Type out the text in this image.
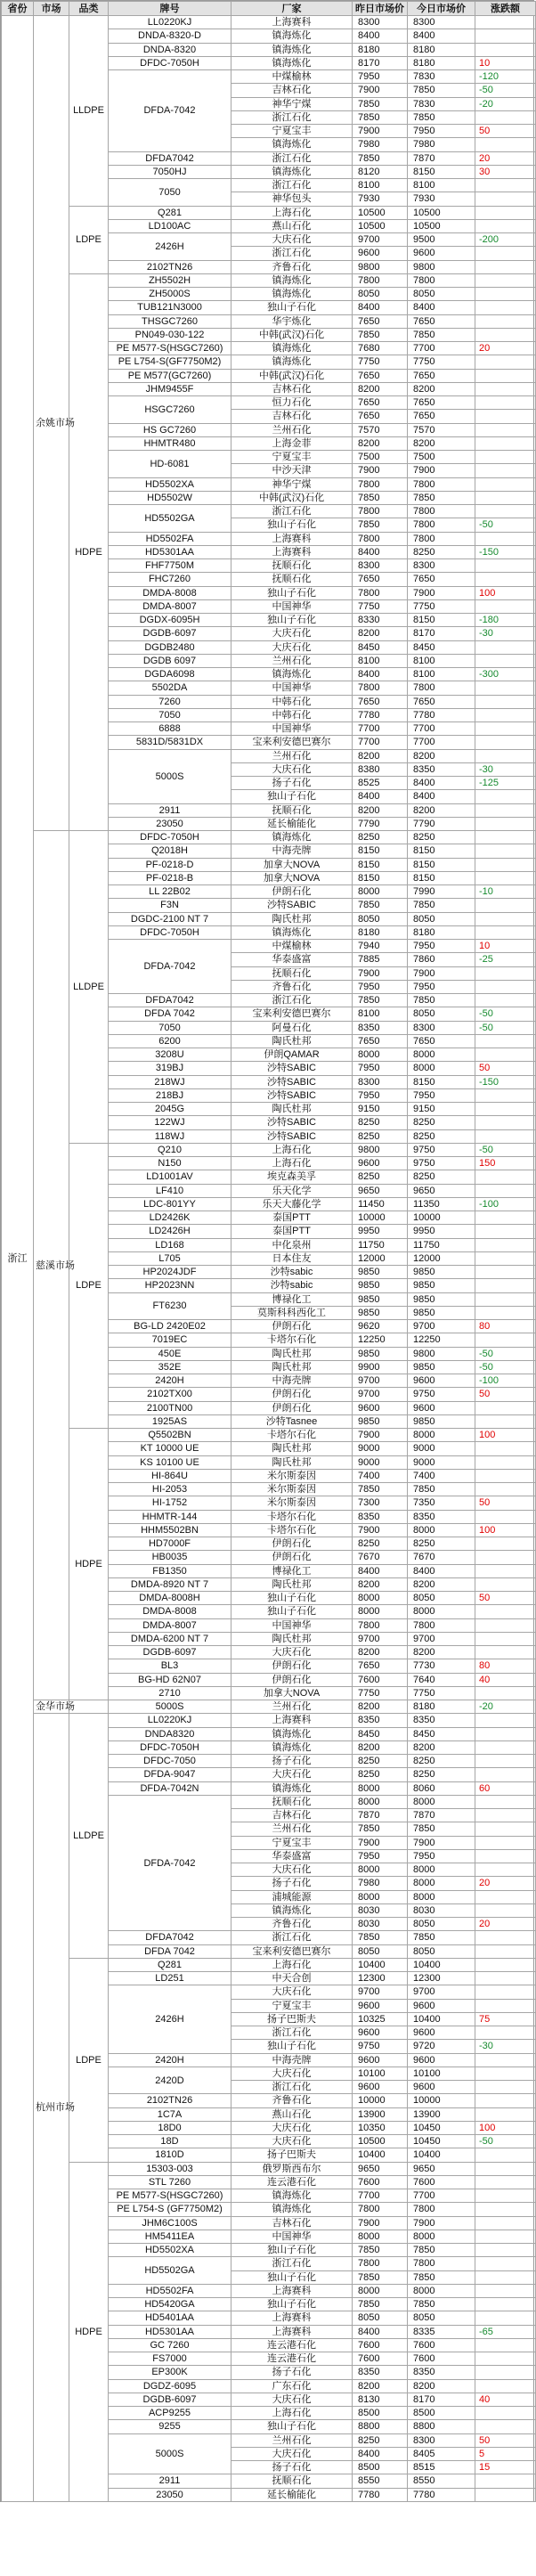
省份	市场	品类	牌号	厂家	昨日市场价	今日市场价	涨跌额
浙江	余姚市场	LLDPE	LL0220KJ	上海赛科	8300	8300	
			DNDA-8320-D	镇海炼化	8400	8400	
			DNDA-8320	镇海炼化	8180	8180	
			DFDC-7050H	镇海炼化	8170	8180	10
			DFDA-7042	中煤榆林	7950	7830	-120
				吉林石化	7900	7850	-50
				神华宁煤	7850	7830	-20
				浙江石化	7850	7850	
				宁夏宝丰	7900	7950	50
				镇海炼化	7980	7980	
			DFDA7042	浙江石化	7850	7870	20
			7050HJ	镇海炼化	8120	8150	30
			7050	浙江石化	8100	8100	
				神华包头	7930	7930	
		LDPE	Q281	上海石化	10500	10500	
			LD100AC	燕山石化	10500	10500	
			2426H	大庆石化	9700	9500	-200
				浙江石化	9600	9600	
			2102TN26	齐鲁石化	9800	9800	
		HDPE	ZH5502H	镇海炼化	7800	7800	
			ZH5000S	镇海炼化	8050	8050	
			TUB121N3000	独山子石化	8400	8400	
			THSGC7260	华宇炼化	7650	7650	
			PN049-030-122	中韩(武汉)石化	7850	7850	
			PE M577-S(HSGC7260)	镇海炼化	7680	7700	20
			PE L754-S(GF7750M2)	镇海炼化	7750	7750	
			PE M577(GC7260)	中韩(武汉)石化	7650	7650	
			JHM9455F	吉林石化	8200	8200	
			HSGC7260	恒力石化	7650	7650	
				吉林石化	7650	7650	
			HS GC7260	兰州石化	7570	7570	
			HHMTR480	上海金菲	8200	8200	
			HD-6081	宁夏宝丰	7500	7500	
				中沙天津	7900	7900	
			HD5502XA	神华宁煤	7800	7800	
			HD5502W	中韩(武汉)石化	7850	7850	
			HD5502GA	浙江石化	7800	7800	
				独山子石化	7850	7800	-50
			HD5502FA	上海赛科	7800	7800	
			HD5301AA	上海赛科	8400	8250	-150
			FHF7750M	抚顺石化	8300	8300	
			FHC7260	抚顺石化	7650	7650	
			DMDA-8008	独山子石化	7800	7900	100
			DMDA-8007	中国神华	7750	7750	
			DGDX-6095H	独山子石化	8330	8150	-180
			DGDB-6097	大庆石化	8200	8170	-30
			DGDB2480	大庆石化	8450	8450	
			DGDB 6097	兰州石化	8100	8100	
			DGDA6098	镇海炼化	8400	8100	-300
			5502DA	中国神华	7800	7800	
			7260	中韩石化	7650	7650	
			7050	中韩石化	7780	7780	
			6888	中国神华	7700	7700	
			5831D/5831DX	宝来利安德巴赛尔	7700	7700	
			5000S	兰州石化	8200	8200	
				大庆石化	8380	8350	-30
				扬子石化	8525	8400	-125
				独山子石化	8400	8400	
			2911	抚顺石化	8200	8200	
			23050	延长榆能化	7790	7790	
	慈溪市场	LLDPE	DFDC-7050H	镇海炼化	8250	8250	
			Q2018H	中海壳牌	8150	8150	
			PF-0218-D	加拿大NOVA	8150	8150	
			PF-0218-B	加拿大NOVA	8150	8150	
			LL 22B02	伊朗石化	8000	7990	-10
			F3N	沙特SABIC	7850	7850	
			DGDC-2100 NT 7	陶氏杜邦	8050	8050	
			DFDC-7050H	镇海炼化	8180	8180	
			DFDA-7042	中煤榆林	7940	7950	10
				华泰盛富	7885	7860	-25
				抚顺石化	7900	7900	
				齐鲁石化	7950	7950	
			DFDA7042	浙江石化	7850	7850	
			DFDA 7042	宝来利安德巴赛尔	8100	8050	-50
			7050	阿曼石化	8350	8300	-50
			6200	陶氏杜邦	7650	7650	
			3208U	伊朗QAMAR	8000	8000	
			319BJ	沙特SABIC	7950	8000	50
			218WJ	沙特SABIC	8300	8150	-150
			218BJ	沙特SABIC	7950	7950	
			2045G	陶氏杜邦	9150	9150	
			122WJ	沙特SABIC	8250	8250	
			118WJ	沙特SABIC	8250	8250	
		LDPE	Q210	上海石化	9800	9750	-50
			N150	上海石化	9600	9750	150
			LD1001AV	埃克森美孚	8250	8250	
			LF410	乐天化学	9650	9650	
			LDC-801YY	乐天大藤化学	11450	11350	-100
			LD2426K	泰国PTT	10000	10000	
			LD2426H	泰国PTT	9950	9950	
			LD168	中化泉州	11750	11750	
			L705	日本住友	12000	12000	
			HP2024JDF	沙特sabic	9850	9850	
			HP2023NN	沙特sabic	9850	9850	
			FT6230	博禄化工	9850	9850	
				莫斯科科西化工	9850	9850	
			BG-LD 2420E02	伊朗石化	9620	9700	80
			7019EC	卡塔尔石化	12250	12250	
			450E	陶氏杜邦	9850	9800	-50
			352E	陶氏杜邦	9900	9850	-50
			2420H	中海壳牌	9700	9600	-100
			2102TX00	伊朗石化	9700	9750	50
			2100TN00	伊朗石化	9600	9600	
			1925AS	沙特Tasnee	9850	9850	
		HDPE	Q5502BN	卡塔尔石化	7900	8000	100
			KT 10000 UE	陶氏杜邦	9000	9000	
			KS 10100 UE	陶氏杜邦	9000	9000	
			HI-864U	米尔斯泰因	7400	7400	
			HI-2053	米尔斯泰因	7850	7850	
			HI-1752	米尔斯泰因	7300	7350	50
			HHMTR-144	卡塔尔石化	8350	8350	
			HHM5502BN	卡塔尔石化	7900	8000	100
			HD7000F	伊朗石化	8250	8250	
			HB0035	伊朗石化	7670	7670	
			FB1350	博禄化工	8400	8400	
			DMDA-8920 NT 7	陶氏杜邦	8200	8200	
			DMDA-8008H	独山子石化	8000	8050	50
			DMDA-8008	独山子石化	8000	8000	
			DMDA-8007	中国神华	7800	7800	
			DMDA-6200 NT 7	陶氏杜邦	9700	9700	
			DGDB-6097	大庆石化	8200	8200	
			BL3	伊朗石化	7650	7730	80
			BG-HD 62N07	伊朗石化	7600	7640	40
			2710	加拿大NOVA	7750	7750	
	金华市场		5000S	兰州石化	8200	8180	-20
	杭州市场	LLDPE	LL0220KJ	上海赛科	8350	8350	
			DNDA8320	镇海炼化	8450	8450	
			DFDC-7050H	镇海炼化	8200	8200	
			DFDC-7050	扬子石化	8250	8250	
			DFDA-9047	大庆石化	8250	8250	
			DFDA-7042N	镇海炼化	8000	8060	60
			DFDA-7042	抚顺石化	8000	8000	
				吉林石化	7870	7870	
				兰州石化	7850	7850	
				宁夏宝丰	7900	7900	
				华泰盛富	7950	7950	
				大庆石化	8000	8000	
				扬子石化	7980	8000	20
				浦城能源	8000	8000	
				镇海炼化	8030	8030	
				齐鲁石化	8030	8050	20
			DFDA7042	浙江石化	7850	7850	
			DFDA 7042	宝来利安德巴赛尔	8050	8050	
		LDPE	Q281	上海石化	10400	10400	
			LD251	中天合创	12300	12300	
			2426H	大庆石化	9700	9700	
				宁夏宝丰	9600	9600	
				扬子巴斯夫	10325	10400	75
				浙江石化	9600	9600	
				独山子石化	9750	9720	-30
			2420H	中海壳牌	9600	9600	
			2420D	大庆石化	10100	10100	
				浙江石化	9600	9600	
			2102TN26	齐鲁石化	10000	10000	
			1C7A	燕山石化	13900	13900	
			18D0	大庆石化	10350	10450	100
			18D	大庆石化	10500	10450	-50
			1810D	扬子巴斯夫	10400	10400	
		HDPE	15303-003	俄罗斯西布尔	9650	9650	
			STL 7260	连云港石化	7600	7600	
			PE M577-S(HSGC7260)	镇海炼化	7700	7700	
			PE L754-S (GF7750M2)	镇海炼化	7800	7800	
			JHM6C100S	吉林石化	7900	7900	
			HM5411EA	中国神华	8000	8000	
			HD5502XA	独山子石化	7850	7850	
			HD5502GA	浙江石化	7800	7800	
				独山子石化	7850	7850	
			HD5502FA	上海赛科	8000	8000	
			HD5420GA	独山子石化	7850	7850	
			HD5401AA	上海赛科	8050	8050	
			HD5301AA	上海赛科	8400	8335	-65
			GC 7260	连云港石化	7600	7600	
			FS7000	连云港石化	7600	7600	
			EP300K	扬子石化	8350	8350	
			DGDZ-6095	广东石化	8200	8200	
			DGDB-6097	大庆石化	8130	8170	40
			ACP9255	上海石化	8500	8500	
			9255	独山子石化	8800	8800	
			5000S	兰州石化	8250	8300	50
				大庆石化	8400	8405	5
				扬子石化	8500	8515	15
			2911	抚顺石化	8550	8550	
			23050	延长榆能化	7780	7780	
